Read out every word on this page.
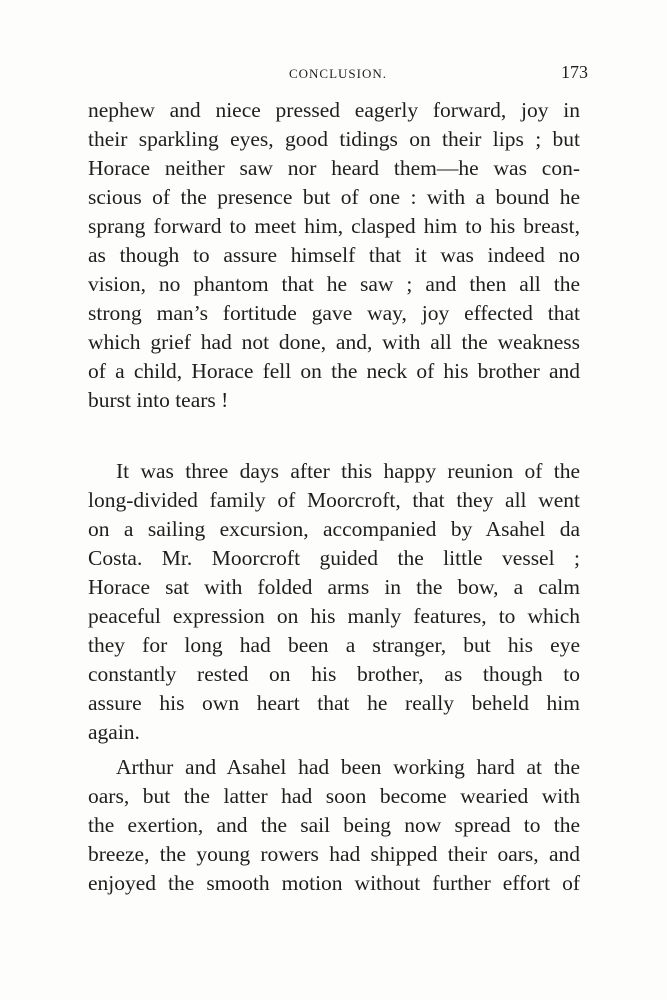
CONCLUSION.	173
nephew and niece pressed eagerly forward, joy in
their sparkling eyes, good tidings on their lips ; but
Horace neither saw nor heard them—he was con-
scious of the presence but of one : with a bound he
sprang forward to meet him, clasped him to his breast,
as though to assure himself that it was indeed no
vision, no phantom that he saw ; and then all the
strong man’s fortitude gave way, joy effected that
which grief had not done, and, with all the weakness
of a child, Horace fell on the neck of his brother and
burst into tears !
It was three days after this happy reunion of the
long-divided family of Moorcroft, that they all went
on a sailing excursion, accompanied by Asahel da
Costa. Mr. Moorcroft guided the little vessel ;
Horace sat with folded arms in the bow, a calm
peaceful expression on his manly features, to which
they for long had been a stranger, but his eye
constantly rested on his brother, as though to
assure his own heart that he really beheld him
again.
Arthur and Asahel had been working hard at the
oars, but the latter had soon become wearied with
the exertion, and the sail being now spread to the
breeze, the young rowers had shipped their oars, and
enjoyed the smooth motion without further effort of
